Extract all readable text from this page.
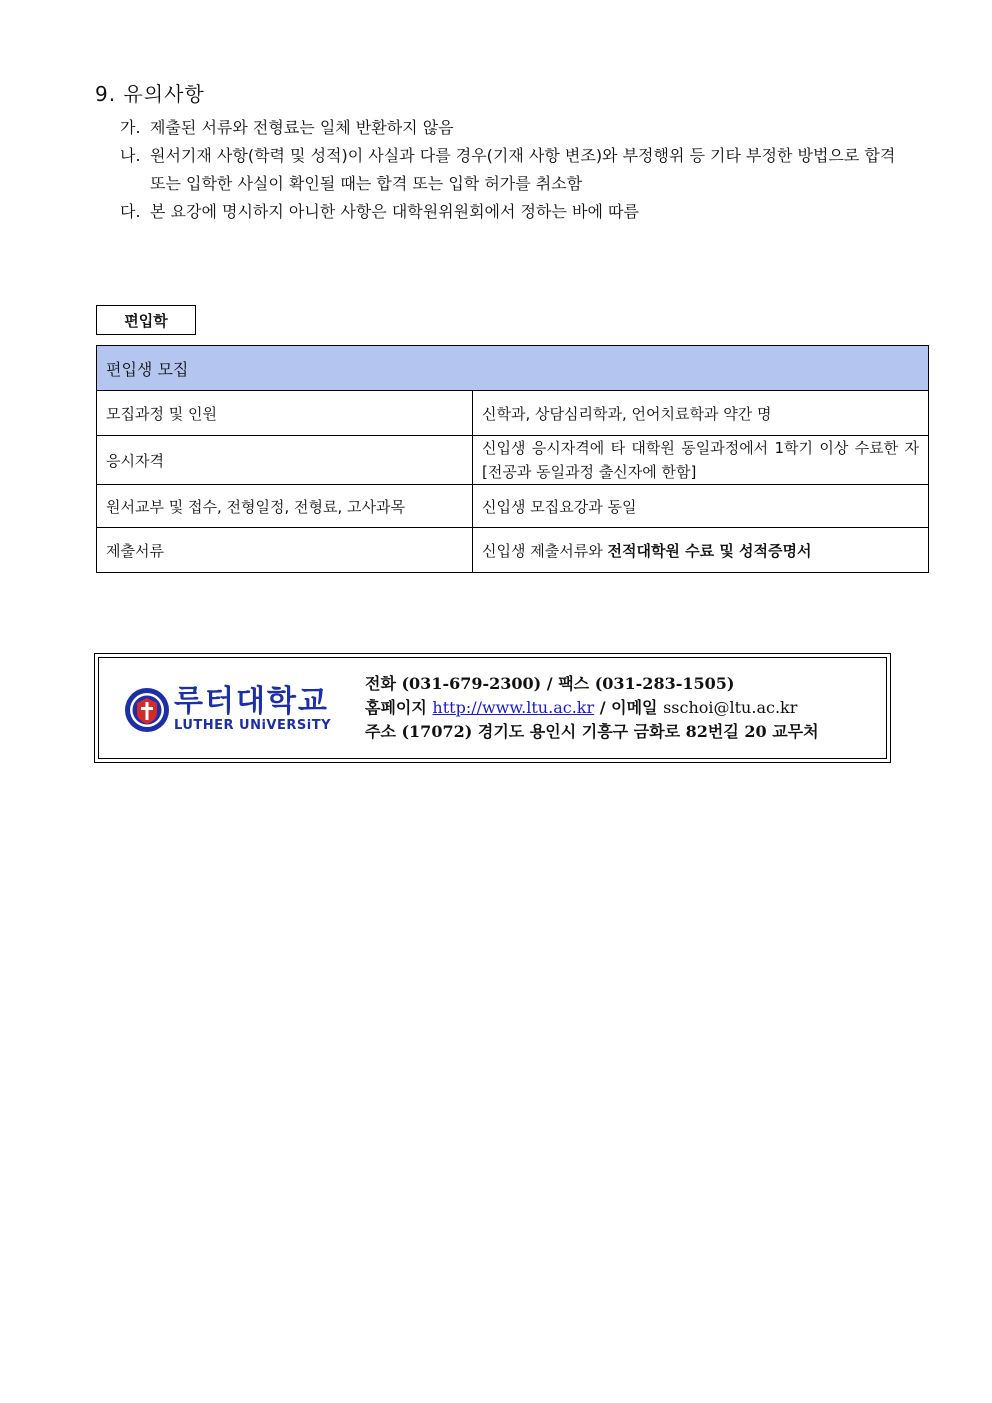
9. 유의사항
가. 제출된 서류와 전형료는 일체 반환하지 않음
나. 원서기재 사항(학력 및 성적)이 사실과 다를 경우(기재 사항 변조)와 부정행위 등 기타 부정한 방법으로 합격 또는 입학한 사실이 확인될 때는 합격 또는 입학 허가를 취소함
다. 본 요강에 명시하지 아니한 사항은 대학원위원회에서 정하는 바에 따름
편입학
편입생 모집	
모집과정 및 인원	신학과, 상담심리학과, 언어치료학과 약간 명
응시자격	신입생 응시자격에 타 대학원 동일과정에서 1학기 이상 수료한 자 [전공과 동일과정 출신자에 한함]
원서교부 및 접수, 전형일정, 전형료, 고사과목	신입생 모집요강과 동일
제출서류	신입생 제출서류와 전적대학원 수료 및 성적증명서
루터대학교
LUTHER UNiVERSiTY
전화 (031-679-2300) / 팩스 (031-283-1505)
홈페이지 http://www.ltu.ac.kr / 이메일 sschoi@ltu.ac.kr
주소 (17072) 경기도 용인시 기흥구 금화로 82번길 20 교무처
